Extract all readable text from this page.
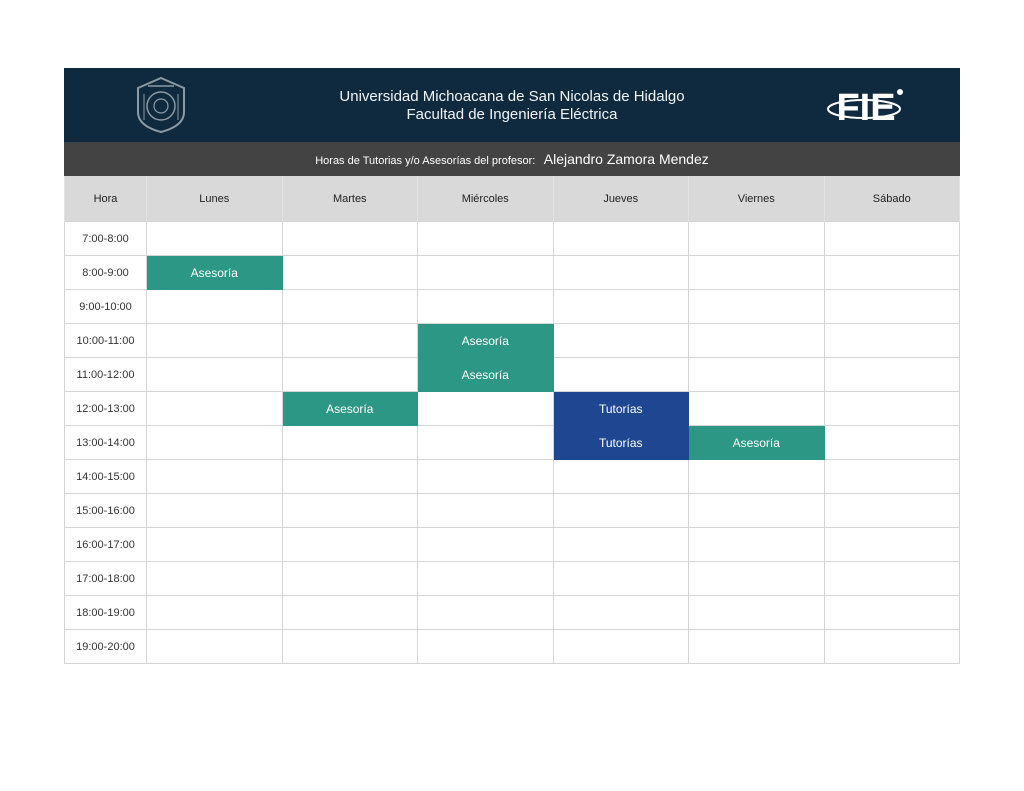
Universidad Michoacana de San Nicolas de Hidalgo
Facultad de Ingeniería Eléctrica	FIE
Horas de Tutorias y/o Asesorías del profesor: Alejandro Zamora Mendez
Hora	Lunes	Martes	Miércoles	Jueves	Viernes	Sábado
7:00-8:00						
8:00-9:00	Asesoría					
9:00-10:00						
10:00-11:00			Asesoría			
11:00-12:00			Asesoría			
12:00-13:00		Asesoría		Tutorías		
13:00-14:00				Tutorías	Asesoría	
14:00-15:00						
15:00-16:00						
16:00-17:00						
17:00-18:00						
18:00-19:00						
19:00-20:00						
